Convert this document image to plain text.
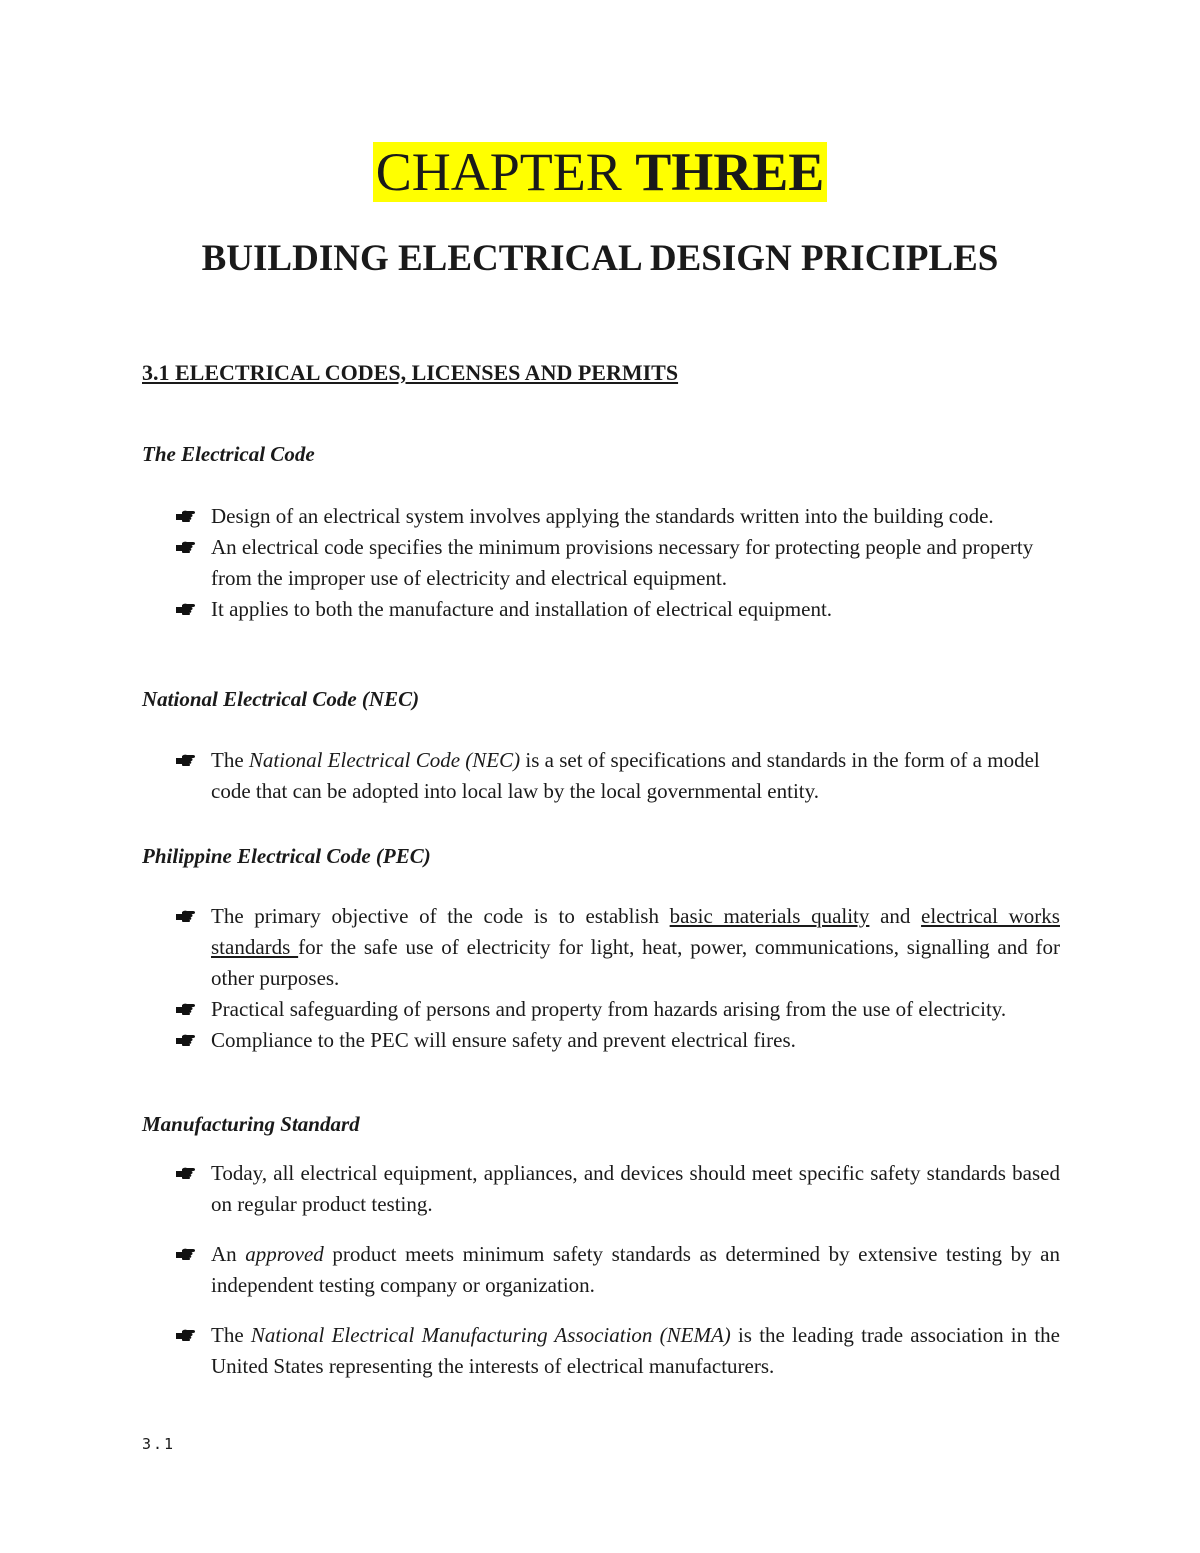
CHAPTER THREE
BUILDING ELECTRICAL DESIGN PRICIPLES
3.1 ELECTRICAL CODES, LICENSES AND PERMITS
The Electrical Code
Design of an electrical system involves applying the standards written into the building code.
An electrical code specifies the minimum provisions necessary for protecting people and property from the improper use of electricity and electrical equipment.
It applies to both the manufacture and installation of electrical equipment.
National Electrical Code (NEC)
The National Electrical Code (NEC) is a set of specifications and standards in the form of a model code that can be adopted into local law by the local governmental entity.
Philippine Electrical Code (PEC)
The primary objective of the code is to establish basic materials quality and electrical works standards for the safe use of electricity for light, heat, power, communications, signalling and for other purposes.
Practical safeguarding of persons and property from hazards arising from the use of electricity.
Compliance to the PEC will ensure safety and prevent electrical fires.
Manufacturing Standard
Today, all electrical equipment, appliances, and devices should meet specific safety standards based on regular product testing.
An approved product meets minimum safety standards as determined by extensive testing by an independent testing company or organization.
The National Electrical Manufacturing Association (NEMA) is the leading trade association in the United States representing the interests of electrical manufacturers.
3.1
